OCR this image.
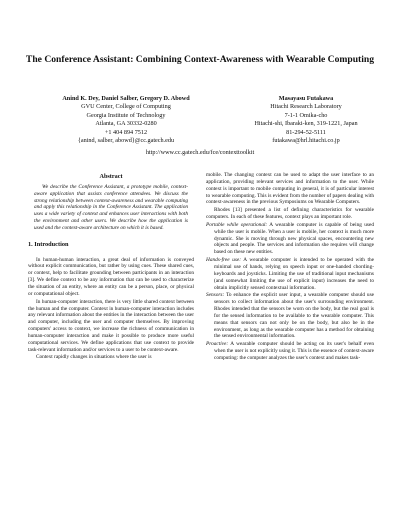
The Conference Assistant: Combining Context-Awareness with Wearable Computing
Anind K. Dey, Daniel Salber, Gregory D. Abowd
GVU Center, College of Computing
Georgia Institute of Technology
Atlanta, GA 30332-0280
+1 404 894 7512
{anind, salber, abowd}@cc.gatech.edu
Masayasu Futakawa
Hitachi Research Laboratory
7-1-1 Omika-cho
Hitachi-shi, Ibaraki-ken, 319-1221, Japan
81-294-52-5111
futakawa@hrl.hitachi.co.jp
http://www.cc.gatech.edu/fce/contexttoolkit
Abstract

We describe the Conference Assistant, a prototype mobile, context-aware application that assists conference attendees. We discuss the strong relationship between context-awareness and wearable computing and apply this relationship in the Conference Assistant. The application uses a wide variety of context and enhances user interactions with both the environment and other users. We describe how the application is used and the context-aware architecture on which it is based.

1. Introduction

In human-human interaction, a great deal of information is conveyed without explicit communication, but rather by using cues. These shared cues, or context, help to facilitate grounding between participants in an interaction [3]. We define context to be any information that can be used to characterize the situation of an entity, where an entity can be a person, place, or physical or computational object.

In human-computer interaction, there is very little shared context between the human and the computer. Context in human-computer interaction includes any relevant information about the entities in the interaction between the user and computer, including the user and computer themselves. By improving computers' access to context, we increase the richness of communication in human-computer interaction and make it possible to produce more useful computational services. We define applications that use context to provide task-relevant information and/or services to a user to be context-aware.

Context rapidly changes in situations where the user is

mobile. The changing context can be used to adapt the user interface to an application, providing relevant services and information to the user. While context is important to mobile computing in general, it is of particular interest to wearable computing. This is evident from the number of papers dealing with context-awareness in the previous Symposiums on Wearable Computers.

Rhodes [13] presented a list of defining characteristics for wearable computers. In each of these features, context plays an important role.

Portable while operational: A wearable computer is capable of being used while the user is mobile. When a user is mobile, her context is much more dynamic. She is moving through new physical spaces, encountering new objects and people. The services and information she requires will change based on these new entities.
Hands-free use: A wearable computer is intended to be operated with the minimal use of hands, relying on speech input or one-handed chording-keyboards and joysticks. Limiting the use of traditional input mechanisms (and somewhat limiting the use of explicit input) increases the need to obtain implicitly sensed contextual information.
Sensors: To enhance the explicit user input, a wearable computer should use sensors to collect information about the user's surrounding environment. Rhodes intended that the sensors be worn on the body, but the real goal is for the sensed information to be available to the wearable computer. This means that sensors can not only be on the body, but also be in the environment, as long as the wearable computer has a method for obtaining the sensed environmental information.
Proactive: A wearable computer should be acting on its user's behalf even when the user is not explicitly using it. This is the essence of context-aware computing: the computer analyzes the user's context and makes task-
